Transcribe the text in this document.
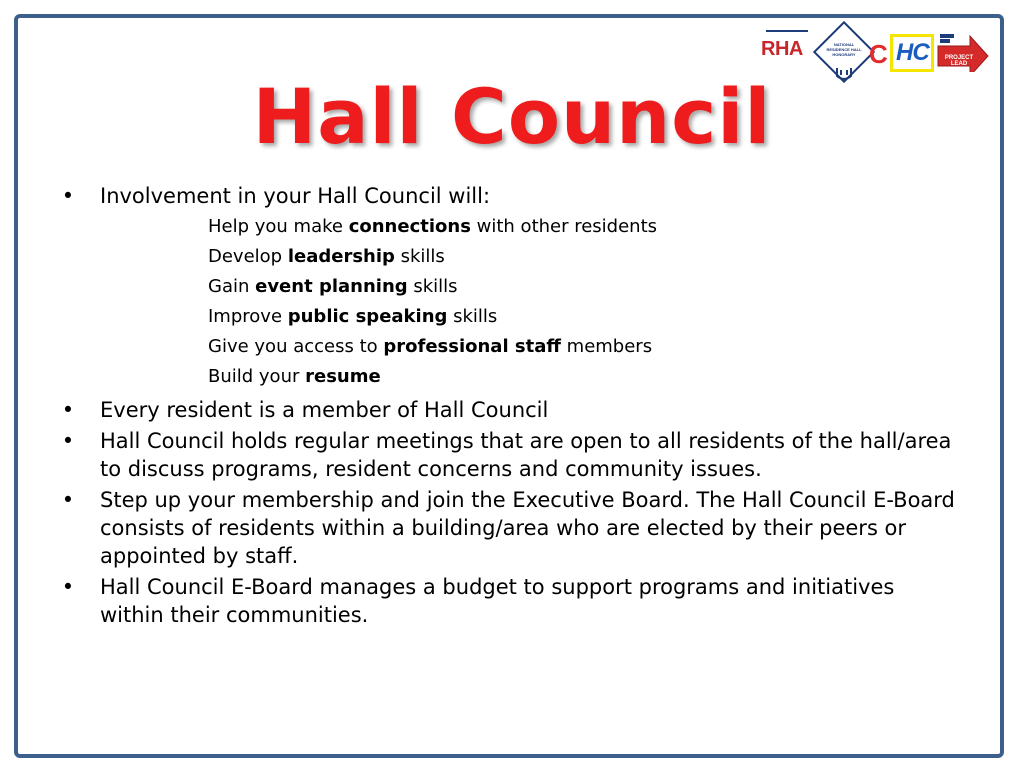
RHA	NATIONAL
RESIDENCE HALL
HONORARY C HC	PROJECT LEAD
Hall Council
• Involvement in your Hall Council will:
Help you make connections with other residents
Develop leadership skills
Gain event planning skills
Improve public speaking skills
Give you access to professional staff members
Build your resume
• Every resident is a member of Hall Council
• Hall Council holds regular meetings that are open to all residents of the hall/area to discuss programs, resident concerns and community issues.
• Step up your membership and join the Executive Board. The Hall Council E-Board consists of residents within a building/area who are elected by their peers or appointed by staff.
• Hall Council E-Board manages a budget to support programs and initiatives within their communities.
